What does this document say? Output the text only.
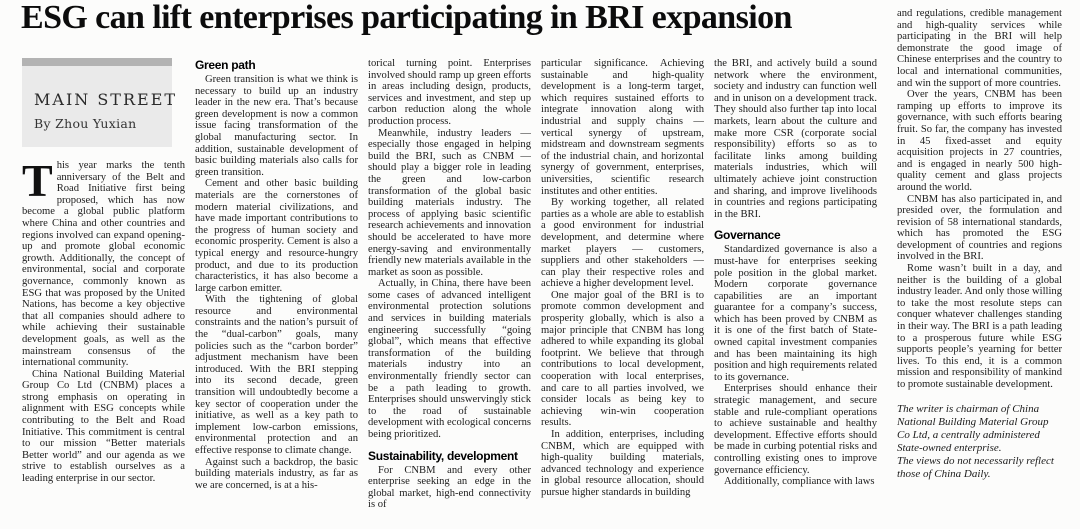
ESG can lift enterprises participating in BRI expansion
MAIN STREET
By Zhou Yuxian

This year marks the tenth anniversary of the Belt and Road Initiative first being proposed, which has now become a global public platform where China and other countries and regions involved can expand opening-up and promote global economic growth. Additionally, the concept of environmental, social and corporate governance, commonly known as ESG that was proposed by the United Nations, has become a key objective that all companies should adhere to while achieving their sustainable development goals, as well as the mainstream consensus of the international community.

China National Building Material Group Co Ltd (CNBM) places a strong emphasis on operating in alignment with ESG concepts while contributing to the Belt and Road Initiative. This commitment is central to our mission “Better materials Better world” and our agenda as we strive to establish ourselves as a leading enterprise in our sector.

Green path

Green transition is what we think is necessary to build up an industry leader in the new era. That’s because green development is now a common issue facing transformation of the global manufacturing sector. In addition, sustainable development of basic building materials also calls for green transition.

Cement and other basic building materials are the cornerstones of modern material civilizations, and have made important contributions to the progress of human society and economic prosperity. Cement is also a typical energy and resource-hungry product, and due to its production characteristics, it has also become a large carbon emitter.

With the tightening of global resource and environmental constraints and the nation’s pursuit of the “dual-carbon” goals, many policies such as the “carbon border” adjustment mechanism have been introduced. With the BRI stepping into its second decade, green transition will undoubtedly become a key sector of cooperation under the initiative, as well as a key path to implement low-carbon emissions, environmental protection and an effective response to climate change.

Against such a backdrop, the basic building materials industry, as far as we are concerned, is at a his-

torical turning point. Enterprises involved should ramp up green efforts in areas including design, products, services and investment, and step up carbon reduction along the whole production process.

Meanwhile, industry leaders — especially those engaged in helping build the BRI, such as CNBM — should play a bigger role in leading the green and low-carbon transformation of the global basic building materials industry. The process of applying basic scientific research achievements and innovation should be accelerated to have more energy-saving and environmentally friendly new materials available in the market as soon as possible.

Actually, in China, there have been some cases of advanced intelligent environmental protection solutions and services in building materials engineering successfully “going global”, which means that effective transformation of the building materials industry into an environmentally friendly sector can be a path leading to growth. Enterprises should unswervingly stick to the road of sustainable development with ecological concerns being prioritized.

Sustainability, development

For CNBM and every other enterprise seeking an edge in the global market, high-end connectivity is of

particular significance. Achieving sustainable and high-quality development is a long-term target, which requires sustained efforts to integrate innovation along with industrial and supply chains — vertical synergy of upstream, midstream and downstream segments of the industrial chain, and horizontal synergy of government, enterprises, universities, scientific research institutes and other entities.

By working together, all related parties as a whole are able to establish a good environment for industrial development, and determine where market players — customers, suppliers and other stakeholders — can play their respective roles and achieve a higher development level.

One major goal of the BRI is to promote common development and prosperity globally, which is also a major principle that CNBM has long adhered to while expanding its global footprint. We believe that through contributions to local development, cooperation with local enterprises, and care to all parties involved, we consider locals as being key to achieving win-win cooperation results.

In addition, enterprises, including CNBM, which are equipped with high-quality building materials, advanced technology and experience in global resource allocation, should pursue higher standards in building

the BRI, and actively build a sound network where the environment, society and industry can function well and in unison on a development track. They should also further tap into local markets, learn about the culture and make more CSR (corporate social responsibility) efforts so as to facilitate links among building materials industries, which will ultimately achieve joint construction and sharing, and improve livelihoods in countries and regions participating in the BRI.

Governance

Standardized governance is also a must-have for enterprises seeking pole position in the global market. Modern corporate governance capabilities are an important guarantee for a company’s success, which has been proved by CNBM as it is one of the first batch of State-owned capital investment companies and has been maintaining its high position and high requirements related to its governance.

Enterprises should enhance their strategic management, and secure stable and rule-compliant operations to achieve sustainable and healthy development. Effective efforts should be made in curbing potential risks and controlling existing ones to improve governance efficiency.

Additionally, compliance with laws

and regulations, credible management and high-quality services while participating in the BRI will help demonstrate the good image of Chinese enterprises and the country to local and international communities, and win the support of more countries.

Over the years, CNBM has been ramping up efforts to improve its governance, with such efforts bearing fruit. So far, the company has invested in 45 fixed-asset and equity acquisition projects in 27 countries, and is engaged in nearly 500 high-quality cement and glass projects around the world.

CNBM has also participated in, and presided over, the formulation and revision of 58 international standards, which has promoted the ESG development of countries and regions involved in the BRI.

Rome wasn’t built in a day, and neither is the building of a global industry leader. And only those willing to take the most resolute steps can conquer whatever challenges standing in their way. The BRI is a path leading to a prosperous future while ESG supports people’s yearning for better lives. To this end, it is a common mission and responsibility of mankind to promote sustainable development.

The writer is chairman of China National Building Material Group Co Ltd, a centrally administered State-owned enterprise.

The views do not necessarily reflect those of China Daily.
